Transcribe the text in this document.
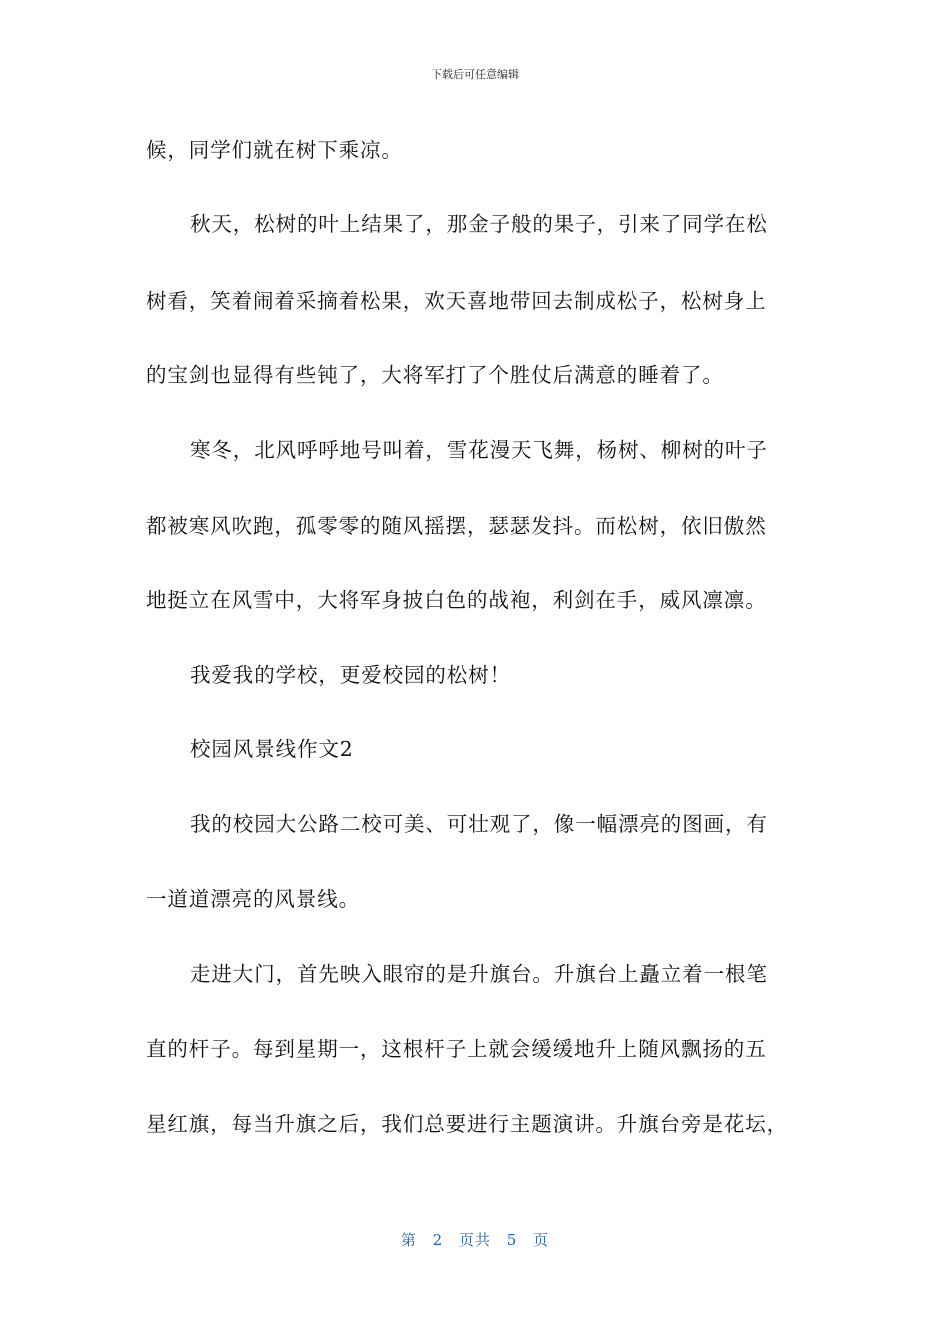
下载后可任意编辑
候，同学们就在树下乘凉。
秋天，松树的叶上结果了，那金子般的果子，引来了同学在松
树看，笑着闹着采摘着松果，欢天喜地带回去制成松子，松树身上
的宝剑也显得有些钝了，大将军打了个胜仗后满意的睡着了。
寒冬，北风呼呼地号叫着，雪花漫天飞舞，杨树、柳树的叶子
都被寒风吹跑，孤零零的随风摇摆，瑟瑟发抖。而松树，依旧傲然
地挺立在风雪中，大将军身披白色的战袍，利剑在手，威风凛凛。
我爱我的学校，更爱校园的松树！
校园风景线作文2
我的校园大公路二校可美、可壮观了，像一幅漂亮的图画，有
一道道漂亮的风景线。
走进大门，首先映入眼帘的是升旗台。升旗台上矗立着一根笔
直的杆子。每到星期一，这根杆子上就会缓缓地升上随风飘扬的五
星红旗，每当升旗之后，我们总要进行主题演讲。升旗台旁是花坛，
第 2 页共 5 页
